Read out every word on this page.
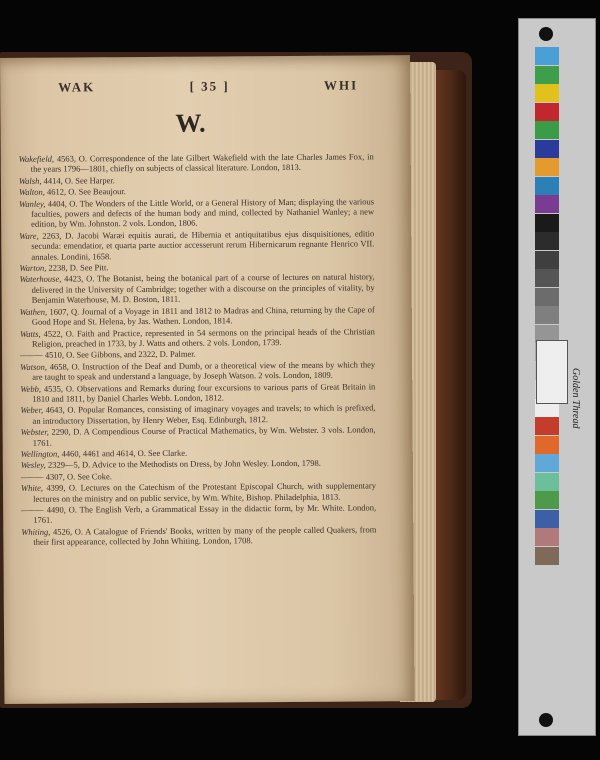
WAK	[ 35 ]	WHI
W.
Wakefield, 4563, O. Correspondence of the late Gilbert Wakefield with the late Charles James Fox, in the years 1796—1801, chiefly on subjects of classical literature. London, 1813.
Walsh, 4414, O. See Harper.
Walton, 4612, O. See Beaujour.
Wanley, 4404, O. The Wonders of the Little World, or a General History of Man; displaying the various faculties, powers and defects of the human body and mind, collected by Nathaniel Wanley; a new edition, by Wm. Johnston. 2 vols. London, 1806.
Ware, 2263, D. Jacobi Waræi equitis aurati, de Hibernia et antiquitatibus ejus disquisitiones, editio secunda: emendatior, et quarta parte auctior accesserunt rerum Hibernicarum regnante Henrico VII. annales. Londini, 1658.
Warton, 2238, D. See Pitt.
Waterhouse, 4423, O. The Botanist, being the botanical part of a course of lectures on natural history, delivered in the University of Cambridge; together with a discourse on the principles of vitality, by Benjamin Waterhouse, M. D. Boston, 1811.
Wathen, 1607, Q. Journal of a Voyage in 1811 and 1812 to Madras and China, returning by the Cape of Good Hope and St. Helena, by Jas. Wathen. London, 1814.
Watts, 4522, O. Faith and Practice, represented in 54 sermons on the principal heads of the Christian Religion, preached in 1733, by J. Watts and others. 2 vols. London, 1739.
——— 4510, O. See Gibbons, and 2322, D. Palmer.
Watson, 4658, O. Instruction of the Deaf and Dumb, or a theoretical view of the means by which they are taught to speak and understand a language, by Joseph Watson. 2 vols. London, 1809.
Webb, 4535, O. Observations and Remarks during four excursions to various parts of Great Britain in 1810 and 1811, by Daniel Charles Webb. London, 1812.
Weber, 4643, O. Popular Romances, consisting of imaginary voyages and travels; to which is prefixed, an introductory Dissertation, by Henry Weber, Esq. Edinburgh, 1812.
Webster, 2290, D. A Compendious Course of Practical Mathematics, by Wm. Webster. 3 vols. London, 1761.
Wellington, 4460, 4461 and 4614, O. See Clarke.
Wesley, 2329—5, D. Advice to the Methodists on Dress, by John Wesley. London, 1798.
——— 4307, O. See Coke.
White, 4399, O. Lectures on the Catechism of the Protestant Episcopal Church, with supplementary lectures on the ministry and on public service, by Wm. White, Bishop. Philadelphia, 1813.
——— 4490, O. The English Verb, a Grammatical Essay in the didactic form, by Mr. White. London, 1761.
Whiting, 4526, O. A Catalogue of Friends' Books, written by many of the people called Quakers, from their first appearance, collected by John Whiting. London, 1708.
Golden Thread
